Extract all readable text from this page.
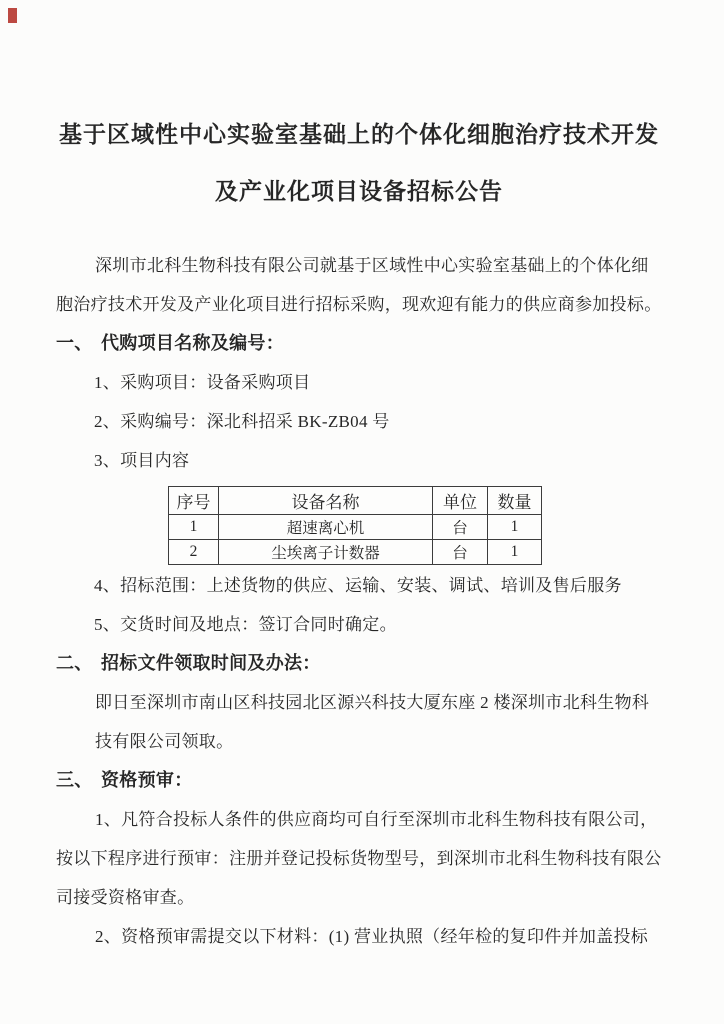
基于区域性中心实验室基础上的个体化细胞治疗技术开发
及产业化项目设备招标公告
深圳市北科生物科技有限公司就基于区域性中心实验室基础上的个体化细
胞治疗技术开发及产业化项目进行招标采购，现欢迎有能力的供应商参加投标。
一、 代购项目名称及编号：
1、采购项目：设备采购项目
2、采购编号：深北科招采 BK-ZB04 号
3、项目内容
序号	设备名称	单位	数量
1	超速离心机	台	1
2	尘埃离子计数器	台	1
4、招标范围：上述货物的供应、运输、安装、调试、培训及售后服务
5、交货时间及地点：签订合同时确定。
二、 招标文件领取时间及办法：
即日至深圳市南山区科技园北区源兴科技大厦东座 2 楼深圳市北科生物科
技有限公司领取。
三、 资格预审：
1、凡符合投标人条件的供应商均可自行至深圳市北科生物科技有限公司，
按以下程序进行预审：注册并登记投标货物型号，到深圳市北科生物科技有限公
司接受资格审查。
2、资格预审需提交以下材料：(1) 营业执照（经年检的复印件并加盖投标
